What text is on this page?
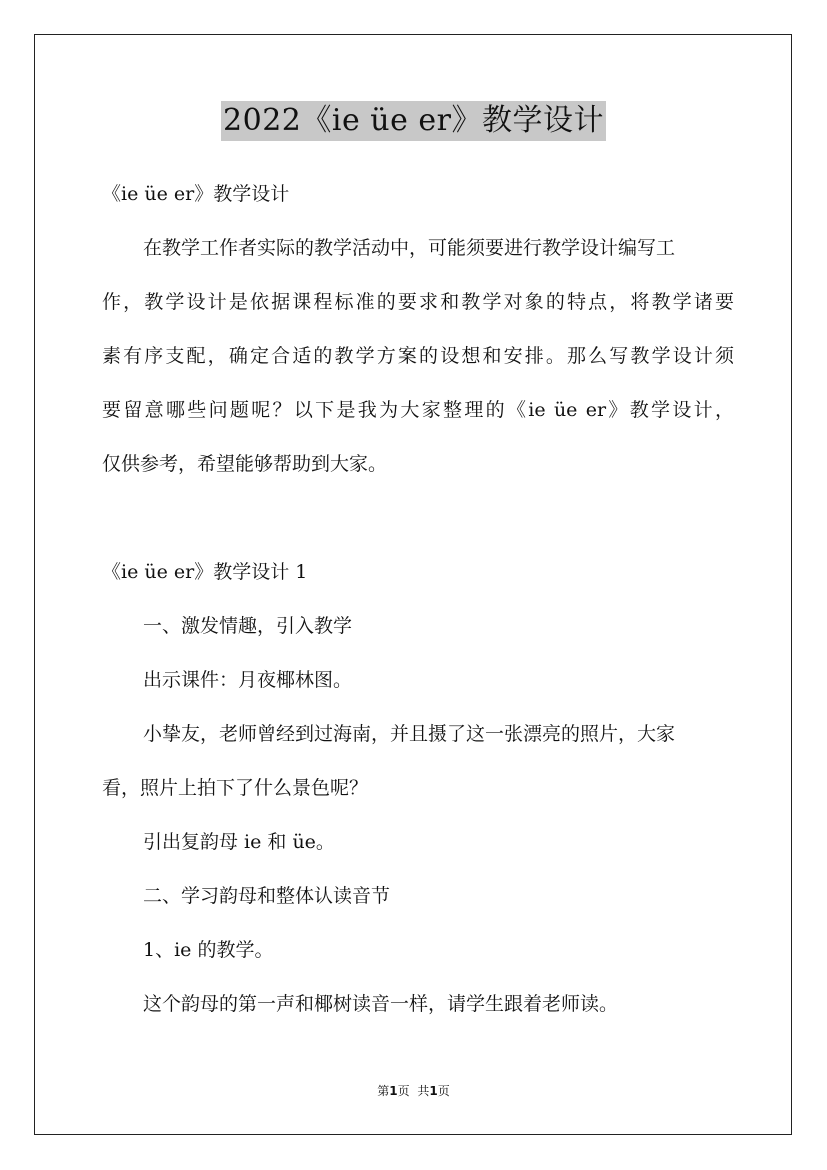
2022《ie üe er》教学设计
《ie üe er》教学设计
在教学工作者实际的教学活动中，可能须要进行教学设计编写工
作，教学设计是依据课程标准的要求和教学对象的特点，将教学诸要
素有序支配，确定合适的教学方案的设想和安排。那么写教学设计须
要留意哪些问题呢？以下是我为大家整理的《ie üe er》教学设计，
仅供参考，希望能够帮助到大家。
《ie üe er》教学设计 1
一、激发情趣，引入教学
出示课件：月夜椰林图。
小挚友，老师曾经到过海南，并且摄了这一张漂亮的照片，大家
看，照片上拍下了什么景色呢？
引出复韵母 ie 和 üe。
二、学习韵母和整体认读音节
1、ie 的教学。
这个韵母的第一声和椰树读音一样，请学生跟着老师读。
第1页 共1页
